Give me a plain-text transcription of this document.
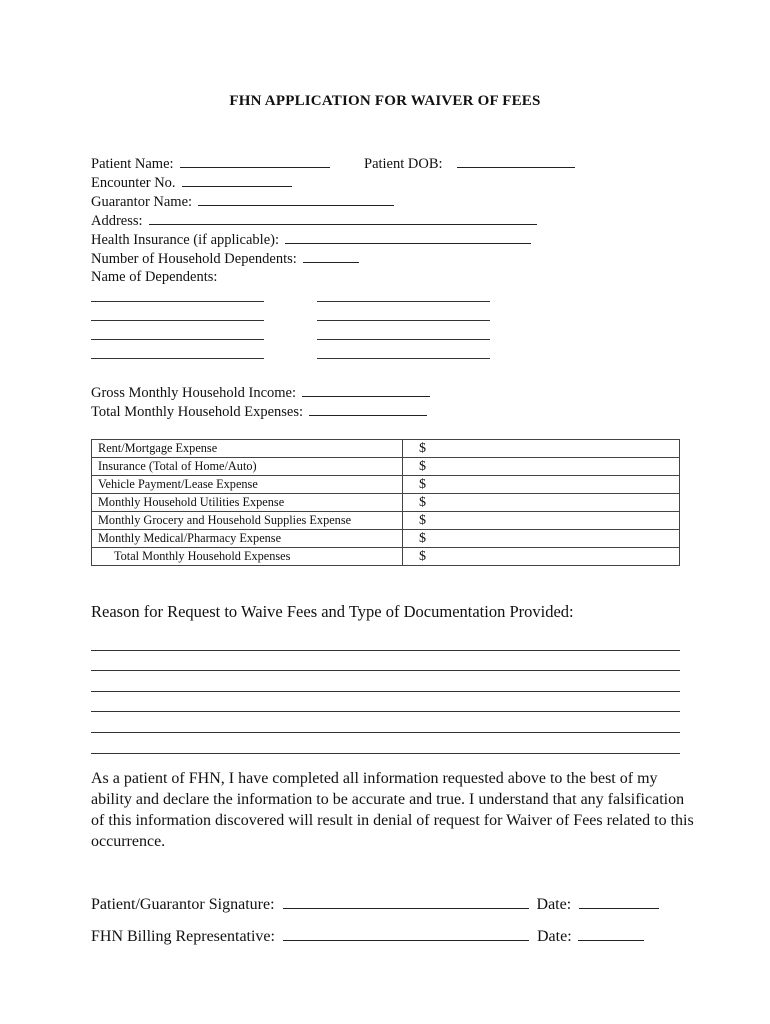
FHN APPLICATION FOR WAIVER OF FEES
Patient Name:	Patient DOB:
Encounter No.
Guarantor Name:
Address:
Health Insurance (if applicable):
Number of Household Dependents:
Name of Dependents:
Gross Monthly Household Income:
Total Monthly Household Expenses:
Rent/Mortgage Expense	$
Insurance (Total of Home/Auto)	$
Vehicle Payment/Lease Expense	$
Monthly Household Utilities Expense	$
Monthly Grocery and Household Supplies Expense	$
Monthly Medical/Pharmacy Expense	$
Total Monthly Household Expenses	$
Reason for Request to Waive Fees and Type of Documentation Provided:
As a patient of FHN, I have completed all information requested above to the best of my ability and declare the information to be accurate and true. I understand that any falsification of this information discovered will result in denial of request for Waiver of Fees related to this occurrence.
Patient/Guarantor Signature:	Date:
FHN Billing Representative:	Date:
